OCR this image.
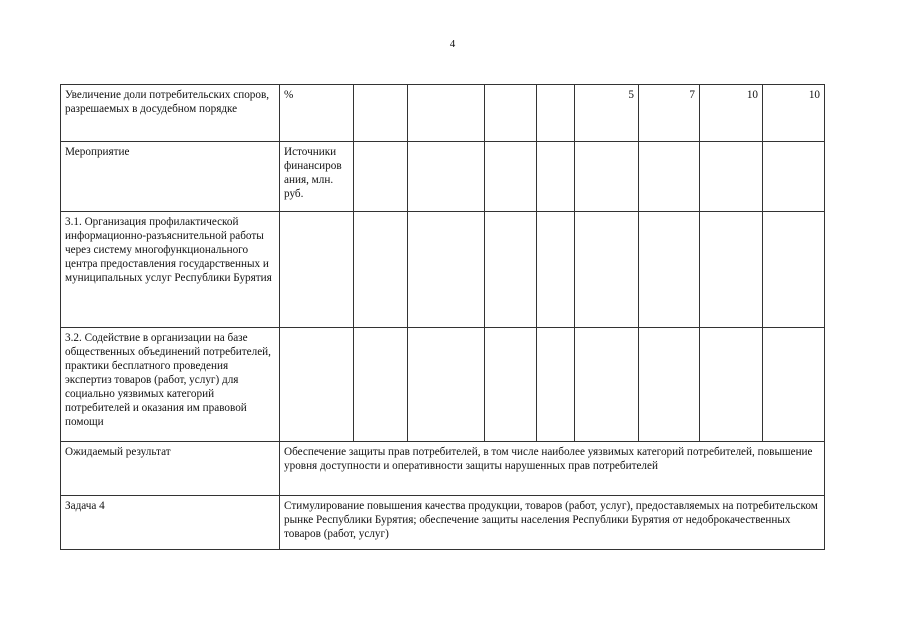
4
Увеличение доли потребительских споров, разрешаемых в досудебном порядке	%					5	7	10	10
Мероприятие	Источники финансиров ания, млн. руб.								
3.1. Организация профилактической информационно-разъяснительной работы через систему многофункционального центра предоставления государственных и муниципальных услуг Республики Бурятия									
3.2. Содействие в организации на базе общественных объединений потребителей, практики бесплатного проведения экспертиз товаров (работ, услуг) для социально уязвимых категорий потребителей и оказания им правовой помощи									
Ожидаемый результат	Обеспечение защиты прав потребителей, в том числе наиболее уязвимых категорий потребителей, повышение уровня доступности и оперативности защиты нарушенных прав потребителей								
Задача 4	Стимулирование повышения качества продукции, товаров (работ, услуг), предоставляемых на потребительском рынке Республики Бурятия; обеспечение защиты населения Республики Бурятия от недоброкачественных товаров (работ, услуг)								
